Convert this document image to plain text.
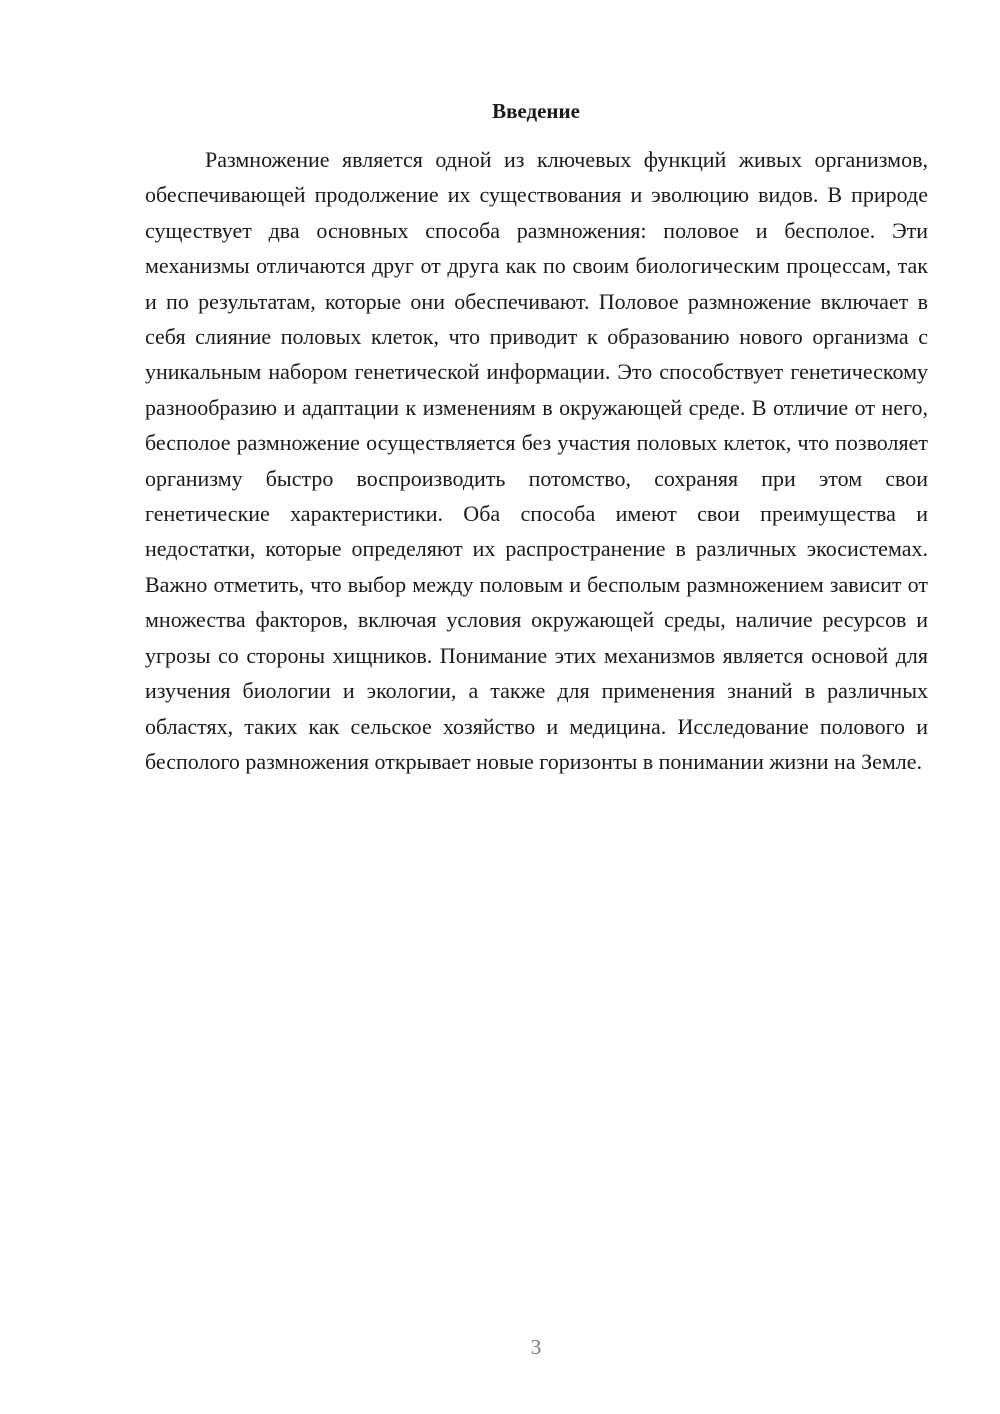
Введение

Размножение является одной из ключевых функций живых организмов, обеспечивающей продолжение их существования и эволюцию видов. В природе существует два основных способа размножения: половое и бесполое. Эти механизмы отличаются друг от друга как по своим биологическим процессам, так и по результатам, которые они обеспечивают. Половое размножение включает в себя слияние половых клеток, что приводит к образованию нового организма с уникальным набором генетической информации. Это способствует генетическому разнообразию и адаптации к изменениям в окружающей среде. В отличие от него, бесполое размножение осуществляется без участия половых клеток, что позволяет организму быстро воспроизводить потомство, сохраняя при этом свои генетические характеристики. Оба способа имеют свои преимущества и недостатки, которые определяют их распространение в различных экосистемах. Важно отметить, что выбор между половым и бесполым размножением зависит от множества факторов, включая условия окружающей среды, наличие ресурсов и угрозы со стороны хищников. Понимание этих механизмов является основой для изучения биологии и экологии, а также для применения знаний в различных областях, таких как сельское хозяйство и медицина. Исследование полового и бесполого размножения открывает новые горизонты в понимании жизни на Земле.

3
